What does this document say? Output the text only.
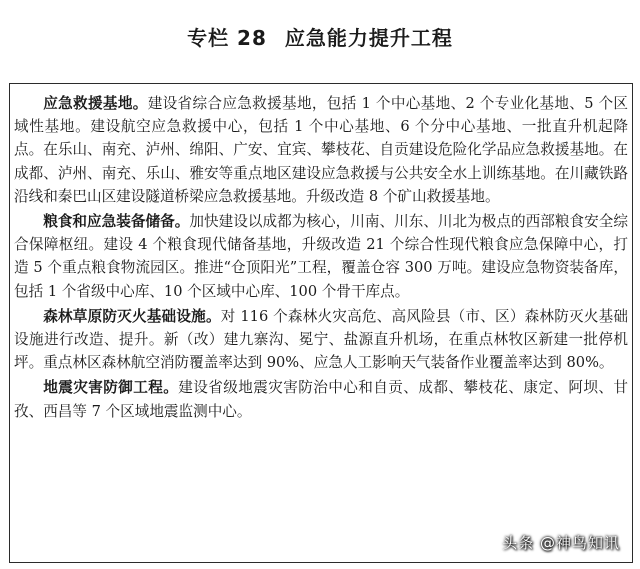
专栏 28 应急能力提升工程

应急救援基地。建设省综合应急救援基地，包括 1 个中心基地、2 个专业化基地、5 个区域性基地。建设航空应急救援中心，包括 1 个中心基地、6 个分中心基地、一批直升机起降点。在乐山、南充、泸州、绵阳、广安、宜宾、攀枝花、自贡建设危险化学品应急救援基地。在成都、泸州、南充、乐山、雅安等重点地区建设应急救援与公共安全水上训练基地。在川藏铁路沿线和秦巴山区建设隧道桥梁应急救援基地。升级改造 8 个矿山救援基地。

粮食和应急装备储备。加快建设以成都为核心，川南、川东、川北为极点的西部粮食安全综合保障枢纽。建设 4 个粮食现代储备基地，升级改造 21 个综合性现代粮食应急保障中心，打造 5 个重点粮食物流园区。推进“仓顶阳光”工程，覆盖仓容 300 万吨。建设应急物资装备库，包括 1 个省级中心库、10 个区域中心库、100 个骨干库点。

森林草原防灭火基础设施。对 116 个森林火灾高危、高风险县（市、区）森林防灭火基础设施进行改造、提升。新（改）建九寨沟、冕宁、盐源直升机场，在重点林牧区新建一批停机坪。重点林区森林航空消防覆盖率达到 90%、应急人工影响天气装备作业覆盖率达到 80%。

地震灾害防御工程。建设省级地震灾害防治中心和自贡、成都、攀枝花、康定、阿坝、甘孜、西昌等 7 个区域地震监测中心。

头条 @神鸟知讯
